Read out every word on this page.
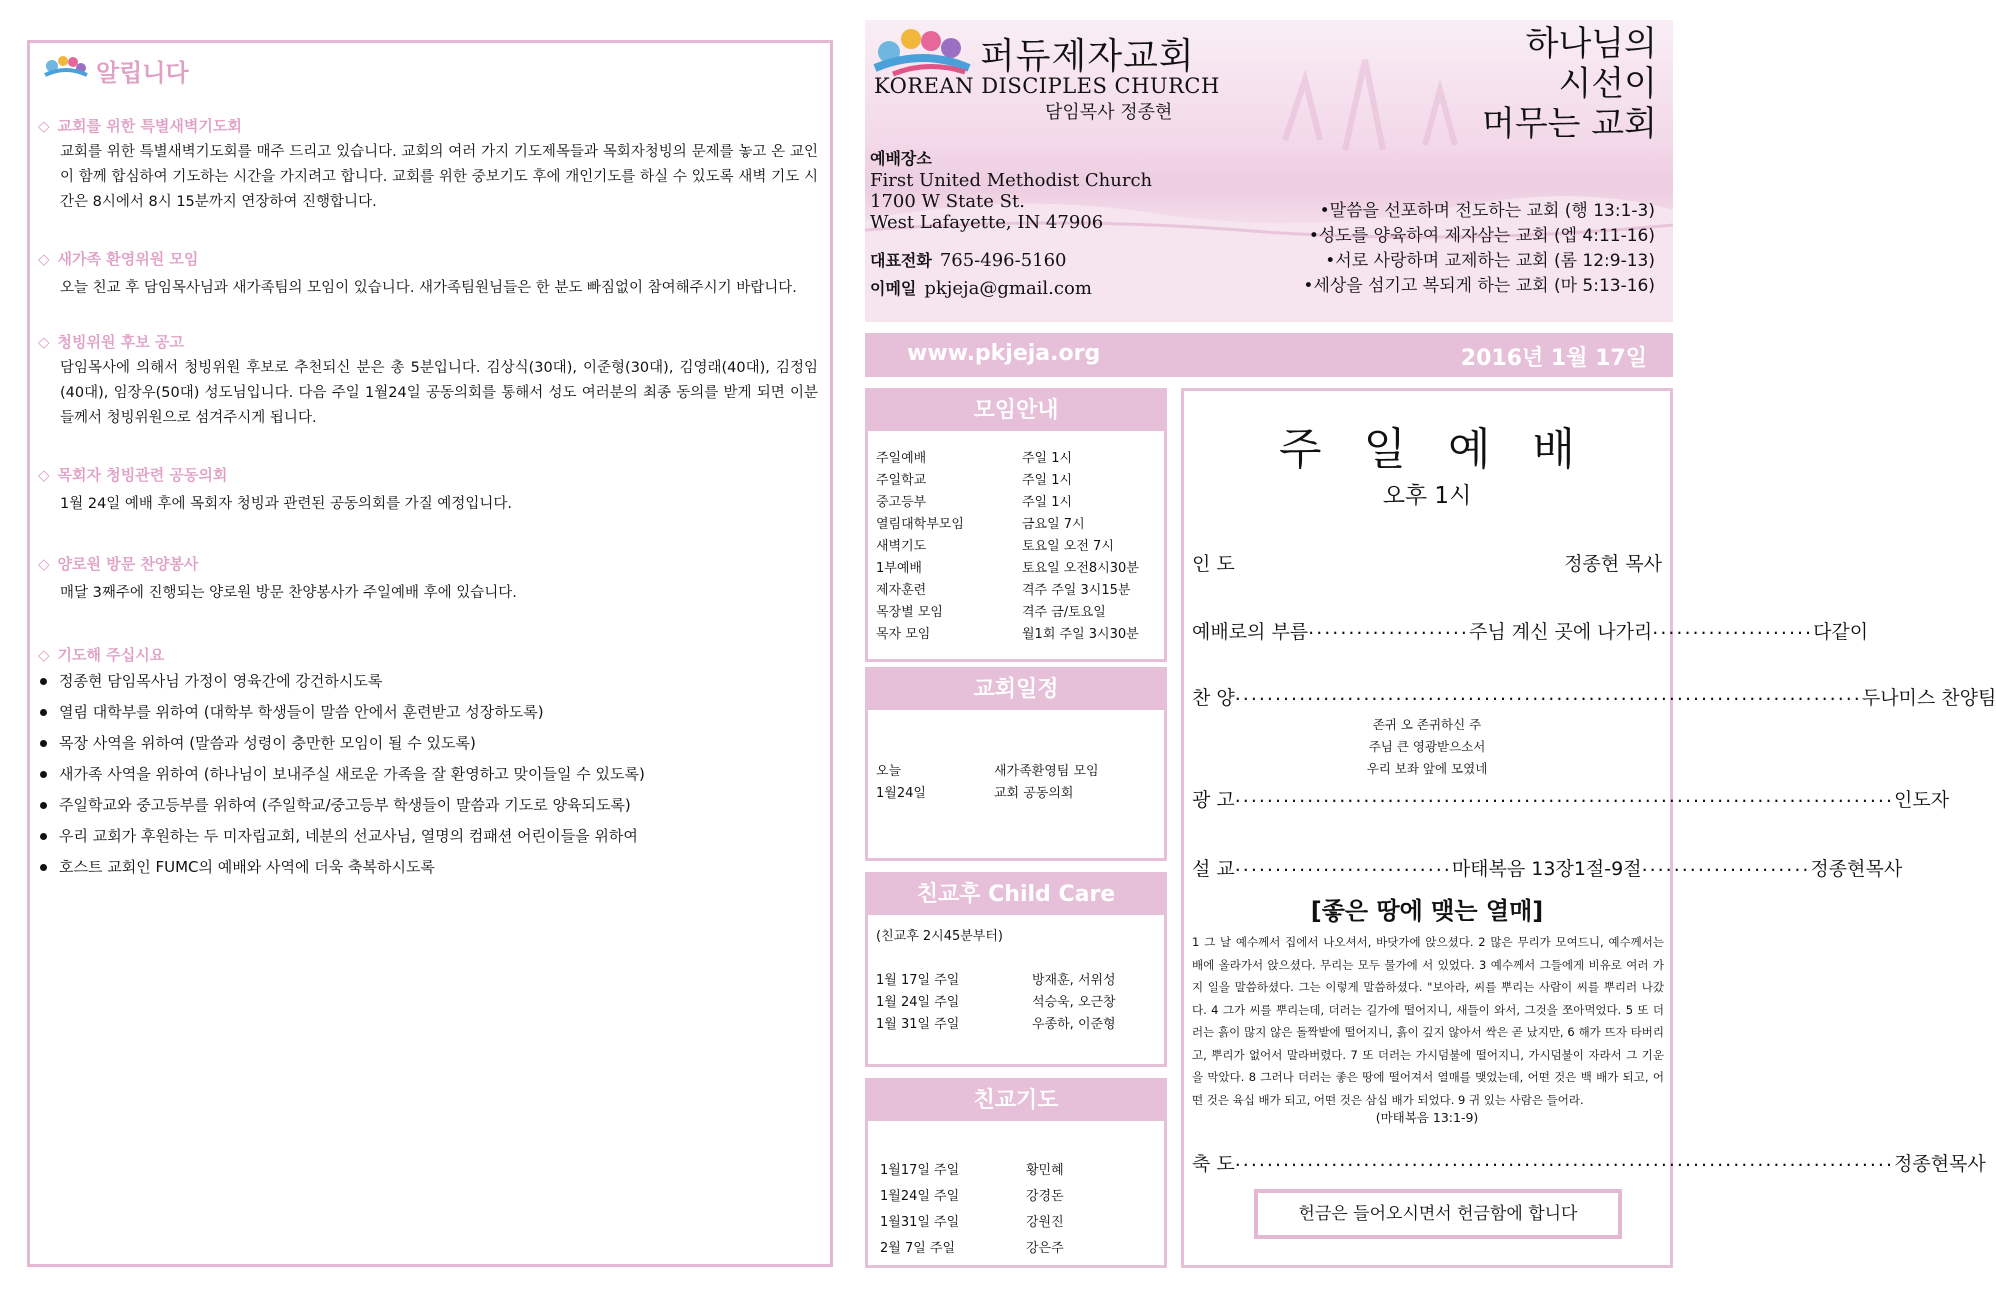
알립니다
◇ 교회를 위한 특별새벽기도회
교회를 위한 특별새벽기도회를 매주 드리고 있습니다. 교회의 여러 가지 기도제목들과 목회자청빙의 문제를 놓고 온 교인이 함께 합심하여 기도하는 시간을 가지려고 합니다. 교회를 위한 중보기도 후에 개인기도를 하실 수 있도록 새벽 기도 시간은 8시에서 8시 15분까지 연장하여 진행합니다.
◇ 새가족 환영위원 모임
오늘 친교 후 담임목사님과 새가족팀의 모임이 있습니다. 새가족팀원님들은 한 분도 빠짐없이 참여해주시기 바랍니다.
◇ 청빙위원 후보 공고
담임목사에 의해서 청빙위원 후보로 추천되신 분은 총 5분입니다. 김상식(30대), 이준형(30대), 김영래(40대), 김정임(40대), 임장우(50대) 성도님입니다. 다음 주일 1월24일 공동의회를 통해서 성도 여러분의 최종 동의를 받게 되면 이분들께서 청빙위원으로 섬겨주시게 됩니다.
◇ 목회자 청빙관련 공동의회
1월 24일 예배 후에 목회자 청빙과 관련된 공동의회를 가질 예정입니다.
◇ 양로원 방문 찬양봉사
매달 3째주에 진행되는 양로원 방문 찬양봉사가 주일예배 후에 있습니다.
◇ 기도해 주십시요
정종현 담임목사님 가정이 영육간에 강건하시도록
열림 대학부를 위하여 (대학부 학생들이 말씀 안에서 훈련받고 성장하도록)
목장 사역을 위하여 (말씀과 성령이 충만한 모임이 될 수 있도록)
새가족 사역을 위하여 (하나님이 보내주실 새로운 가족을 잘 환영하고 맞이들일 수 있도록)
주일학교와 중고등부를 위하여 (주일학교/중고등부 학생들이 말씀과 기도로 양육되도록)
우리 교회가 후원하는 두 미자립교회, 네분의 선교사님, 열명의 컴패션 어린이들을 위하여
호스트 교회인 FUMC의 예배와 사역에 더욱 축복하시도록
퍼듀제자교회
KOREAN DISCIPLES CHURCH
담임목사 정종현
하나님의
시선이
머무는 교회
예배장소
First United Methodist Church
1700 W State St.
West Lafayette, IN 47906
대표전화 765-496-5160
이메일 pkjeja@gmail.com
•말씀을 선포하며 전도하는 교회 (행 13:1-3)
•성도를 양육하여 제자삼는 교회 (엡 4:11-16)
•서로 사랑하며 교제하는 교회 (롬 12:9-13)
•세상을 섬기고 복되게 하는 교회 (마 5:13-16)
www.pkjeja.org	2016년 1월 17일
모임안내
주일예배	주일 1시
주일학교	주일 1시
중고등부	주일 1시
열림대학부모임	금요일 7시
새벽기도	토요일 오전 7시
1부예배	토요일 오전8시30분
제자훈련	격주 주일 3시15분
목장별 모임	격주 금/토요일
목자 모임	월1회 주일 3시30분
교회일정
오늘	새가족환영팀 모임
1월24일	교회 공동의회
친교후 Child Care
(친교후 2시45분부터)
1월 17일 주일	방재훈, 서위성
1월 24일 주일	석승욱, 오근창
1월 31일 주일	우종하, 이준형
친교기도
1월17일 주일	황민혜
1월24일 주일	강경돈
1월31일 주일	강원진
2월 7일 주일	강은주
주일예배
오후 1시
인 도	정종현 목사
예배로의 부름 .................... 주님 계신 곳에 나가리 .................... 다같이
찬 양 .............................................................................. 두나미스 찬양팀
존귀 오 존귀하신 주
주님 큰 영광받으소서
우리 보좌 앞에 모였네
광 고 .................................................................................. 인도자
설 교 ........................... 마태복음 13장1절-9절 ..................... 정종현목사
[좋은 땅에 맺는 열매]
1 그 날 예수께서 집에서 나오셔서, 바닷가에 앉으셨다. 2 많은 무리가 모여드니, 예수께서는 배에 올라가서 앉으셨다. 무리는 모두 물가에 서 있었다. 3 예수께서 그들에게 비유로 여러 가지 일을 말씀하셨다. 그는 이렇게 말씀하셨다. "보아라, 씨를 뿌리는 사람이 씨를 뿌리러 나갔다. 4 그가 씨를 뿌리는데, 더러는 길가에 떨어지니, 새들이 와서, 그것을 쪼아먹었다. 5 또 더러는 흙이 많지 않은 돌짝밭에 떨어지니, 흙이 깊지 않아서 싹은 곧 났지만, 6 해가 뜨자 타버리고, 뿌리가 없어서 말라버렸다. 7 또 더러는 가시덤불에 떨어지니, 가시덤불이 자라서 그 기운을 막았다. 8 그러나 더러는 좋은 땅에 떨어져서 열매를 맺었는데, 어떤 것은 백 배가 되고, 어떤 것은 육십 배가 되고, 어떤 것은 삼십 배가 되었다. 9 귀 있는 사람은 들어라.
(마태복음 13:1-9)
축 도 .................................................................................. 정종현목사
헌금은 들어오시면서 헌금함에 합니다
